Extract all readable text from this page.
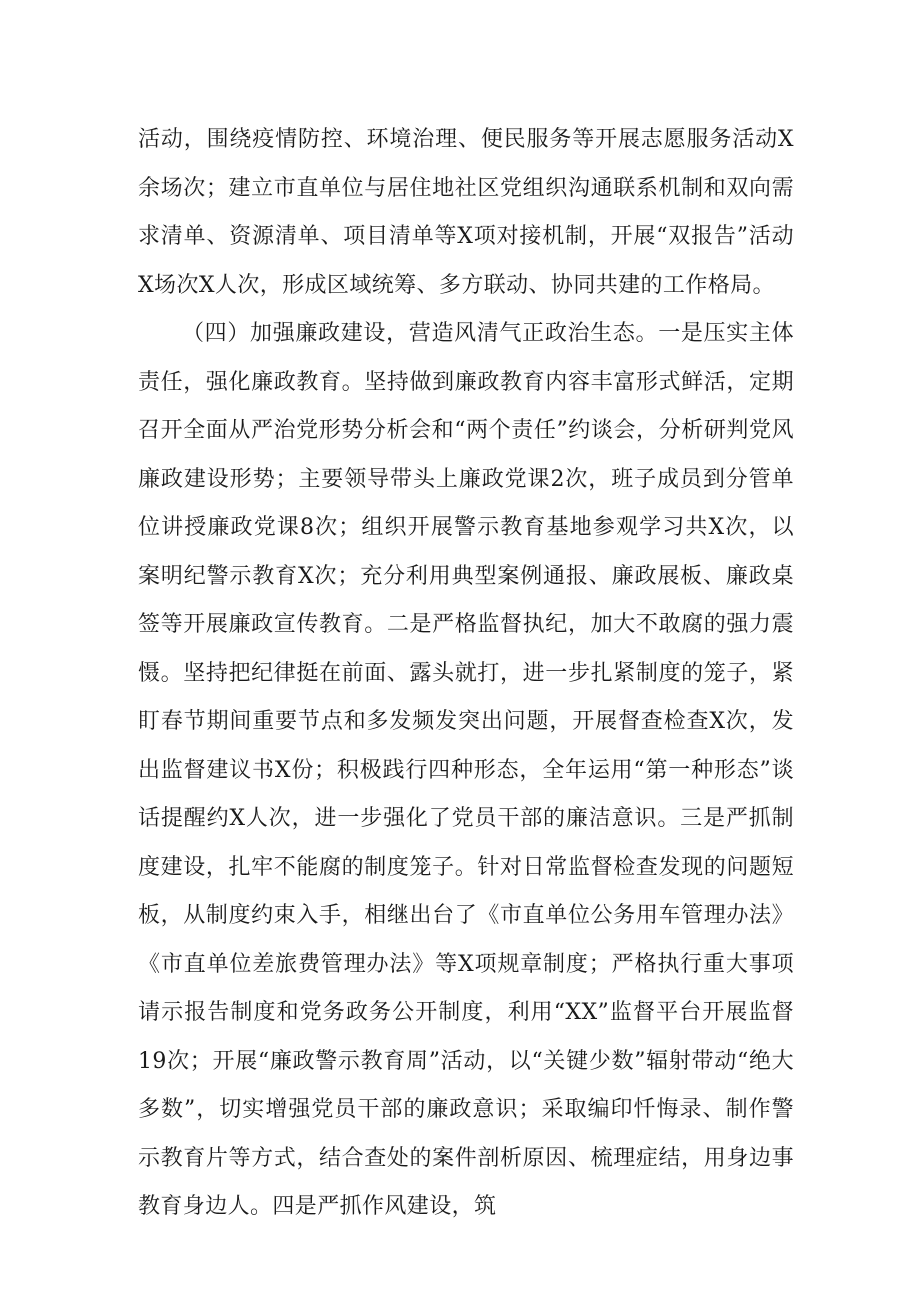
活动，围绕疫情防控、环境治理、便民服务等开展志愿服务活动X余场次；建立市直单位与居住地社区党组织沟通联系机制和双向需求清单、资源清单、项目清单等X项对接机制，开展“双报告”活动X场次X人次，形成区域统筹、多方联动、协同共建的工作格局。

（四）加强廉政建设，营造风清气正政治生态。一是压实主体责任，强化廉政教育。坚持做到廉政教育内容丰富形式鲜活，定期召开全面从严治党形势分析会和“两个责任”约谈会，分析研判党风廉政建设形势；主要领导带头上廉政党课2次，班子成员到分管单位讲授廉政党课8次；组织开展警示教育基地参观学习共X次，以案明纪警示教育X次；充分利用典型案例通报、廉政展板、廉政桌签等开展廉政宣传教育。二是严格监督执纪，加大不敢腐的强力震慑。坚持把纪律挺在前面、露头就打，进一步扎紧制度的笼子，紧盯春节期间重要节点和多发频发突出问题，开展督查检查X次，发出监督建议书X份；积极践行四种形态，全年运用“第一种形态”谈话提醒约X人次，进一步强化了党员干部的廉洁意识。三是严抓制度建设，扎牢不能腐的制度笼子。针对日常监督检查发现的问题短板，从制度约束入手，相继出台了《市直单位公务用车管理办法》《市直单位差旅费管理办法》等X项规章制度；严格执行重大事项请示报告制度和党务政务公开制度，利用“XX”监督平台开展监督19次；开展“廉政警示教育周”活动，以“关键少数”辐射带动“绝大多数”，切实增强党员干部的廉政意识；采取编印忏悔录、制作警示教育片等方式，结合查处的案件剖析原因、梳理症结，用身边事教育身边人。四是严抓作风建设，筑
